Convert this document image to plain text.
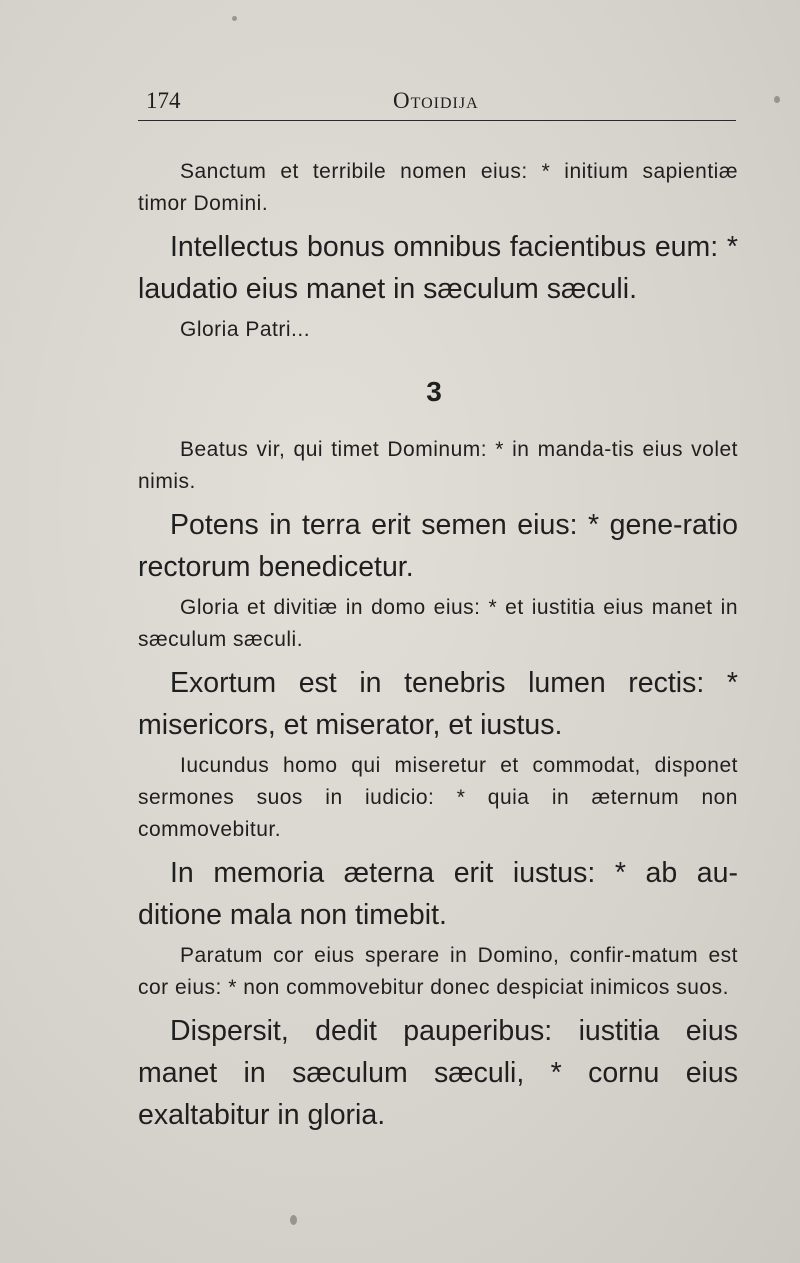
174	Otoidija

Sanctum et terribile nomen eius: * initium sapientiæ timor Domini.

Intellectus bonus omnibus facientibus eum: * laudatio eius manet in sæculum sæculi.

Gloria Patri...

3

Beatus vir, qui timet Dominum: * in manda-tis eius volet nimis.

Potens in terra erit semen eius: * gene-ratio rectorum benedicetur.

Gloria et divitiæ in domo eius: * et iustitia eius manet in sæculum sæculi.

Exortum est in tenebris lumen rectis: * misericors, et miserator, et iustus.

Iucundus homo qui miseretur et commodat, disponet sermones suos in iudicio: * quia in æternum non commovebitur.

In memoria æterna erit iustus: * ab au-ditione mala non timebit.

Paratum cor eius sperare in Domino, confir-matum est cor eius: * non commovebitur donec despiciat inimicos suos.

Dispersit, dedit pauperibus: iustitia eius manet in sæculum sæculi, * cornu eius exaltabitur in gloria.
